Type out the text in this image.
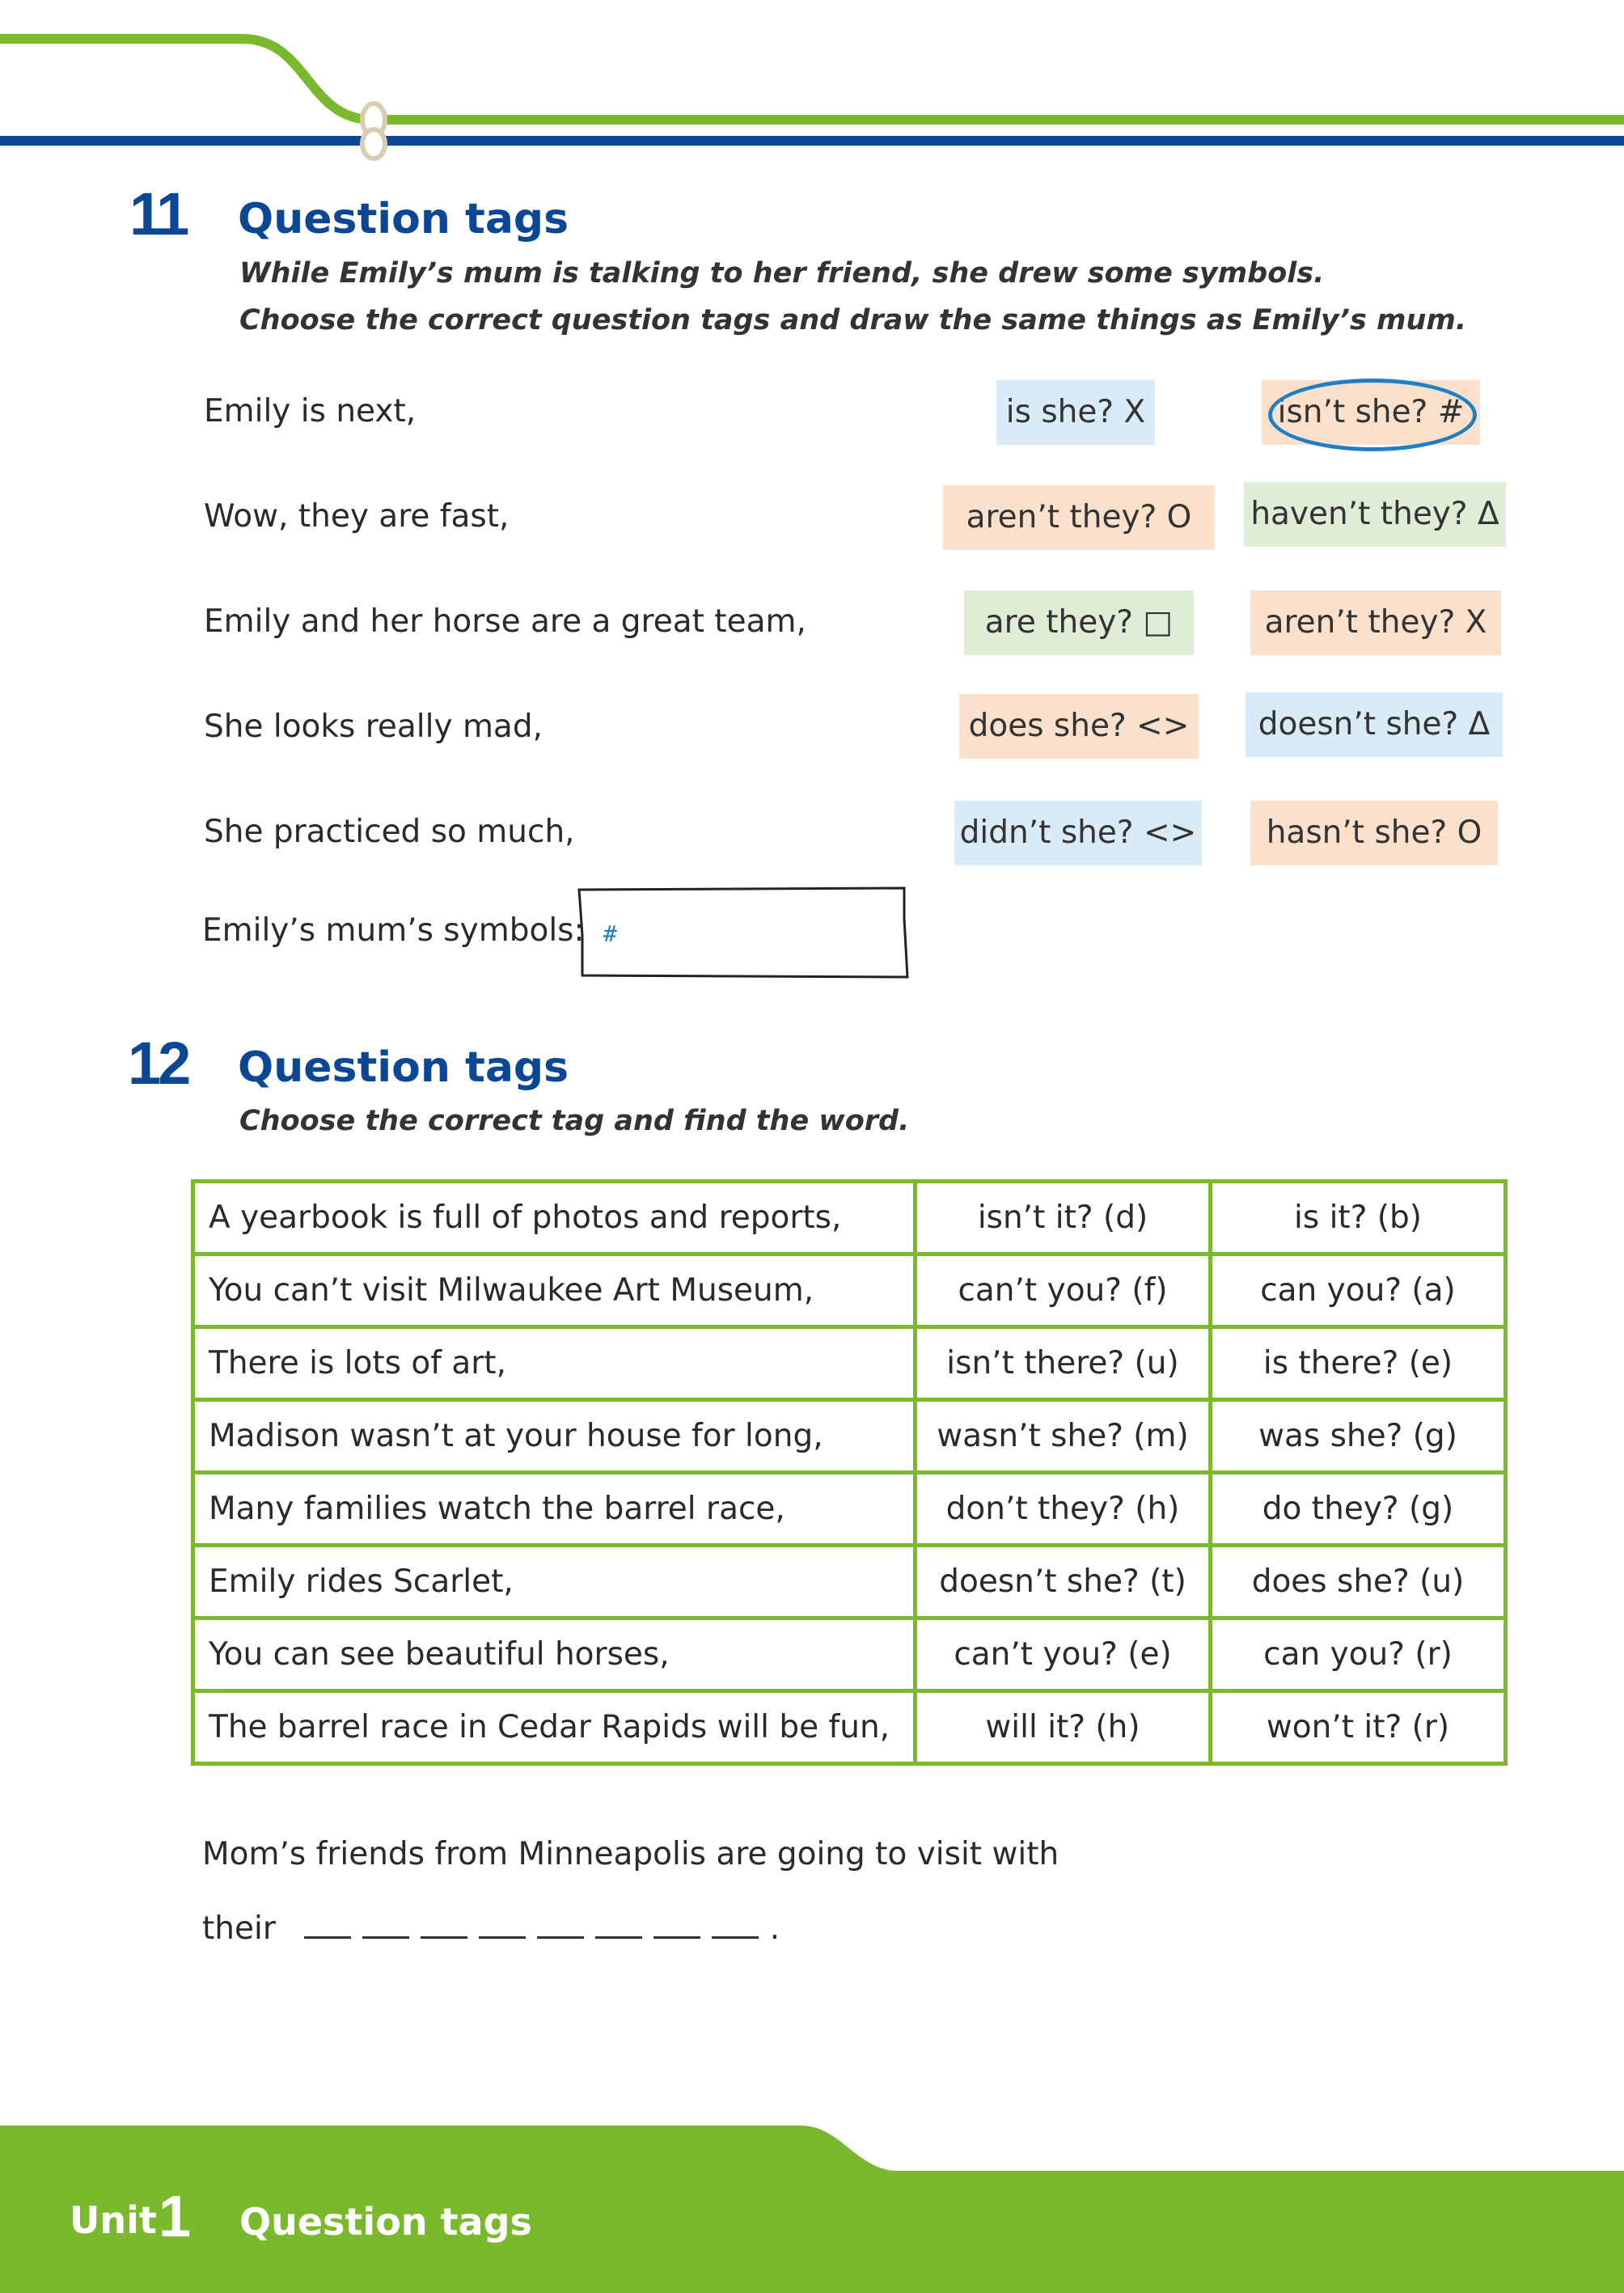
11 Question tags
While Emily’s mum is talking to her friend, she drew some symbols.
Choose the correct question tags and draw the same things as Emily’s mum.
Emily is next,	is she? X	isn’t she? #
Wow, they are fast,	aren’t they? O	haven’t they? Δ
Emily and her horse are a great team,	are they? □	aren’t they? X
She looks really mad,	does she? <>	doesn’t she? Δ
She practiced so much,	didn’t she? <>	hasn’t she? O
Emily’s mum’s symbols: #
12 Question tags
Choose the correct tag and find the word.
A yearbook is full of photos and reports,	isn’t it? (d)	is it? (b)
You can’t visit Milwaukee Art Museum,	can’t you? (f)	can you? (a)
There is lots of art,	isn’t there? (u)	is there? (e)
Madison wasn’t at your house for long,	wasn’t she? (m)	was she? (g)
Many families watch the barrel race,	don’t they? (h)	do they? (g)
Emily rides Scarlet,	doesn’t she? (t)	does she? (u)
You can see beautiful horses,	can’t you? (e)	can you? (r)
The barrel race in Cedar Rapids will be fun,	will it? (h)	won’t it? (r)
Mom’s friends from Minneapolis are going to visit with
their	.
Unit 1 Question tags
